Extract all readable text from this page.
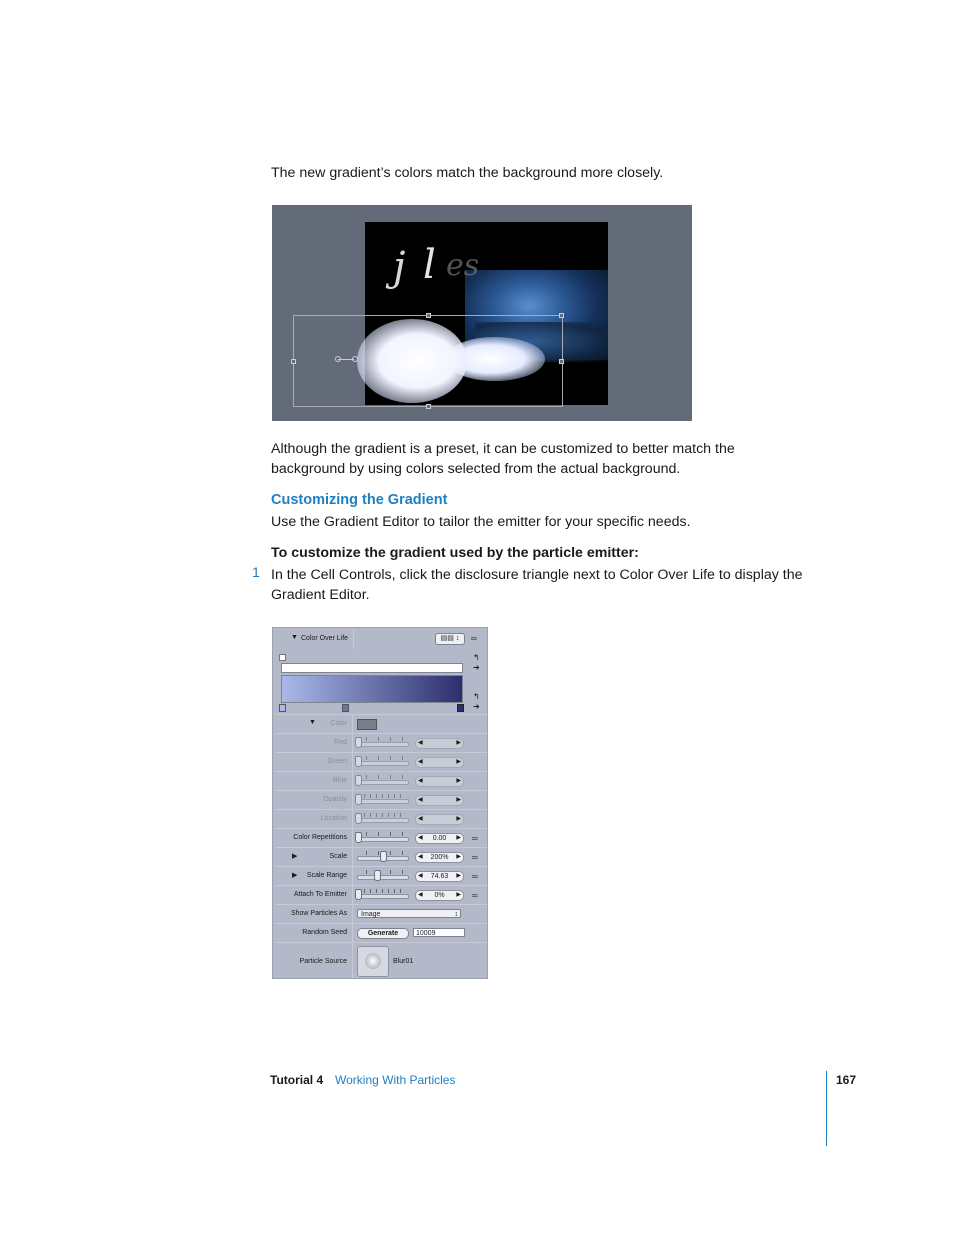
The new gradient’s colors match the background more closely.
j l es
Although the gradient is a preset, it can be customized to better match the
background by using colors selected from the actual background.
Customizing the Gradient
Use the Gradient Editor to tailor the emitter for your specific needs.
To customize the gradient used by the particle emitter:
1 In the Cell Controls, click the disclosure triangle next to Color Over Life to display the
Gradient Editor.
▼ Color Over Life	▤▤ ↕	═
↰
➔
↰
➔
▼ Color
Red	◀	▶
Green	◀	▶
Blue	◀	▶
Opacity	◀	▶
Location	◀	▶
Color Repetitions	◀ 0.00 ▶ ═
▶	Scale	◀ 200% ▶ ═
▶ Scale Range	◀ 74.63 ▶ ═
Attach To Emitter	◀ 0% ▶ ═
Show Particles As	Image	↕
Random Seed	Generate	10009
Particle Source	Blur01
Tutorial 4 Working With Particles	167
